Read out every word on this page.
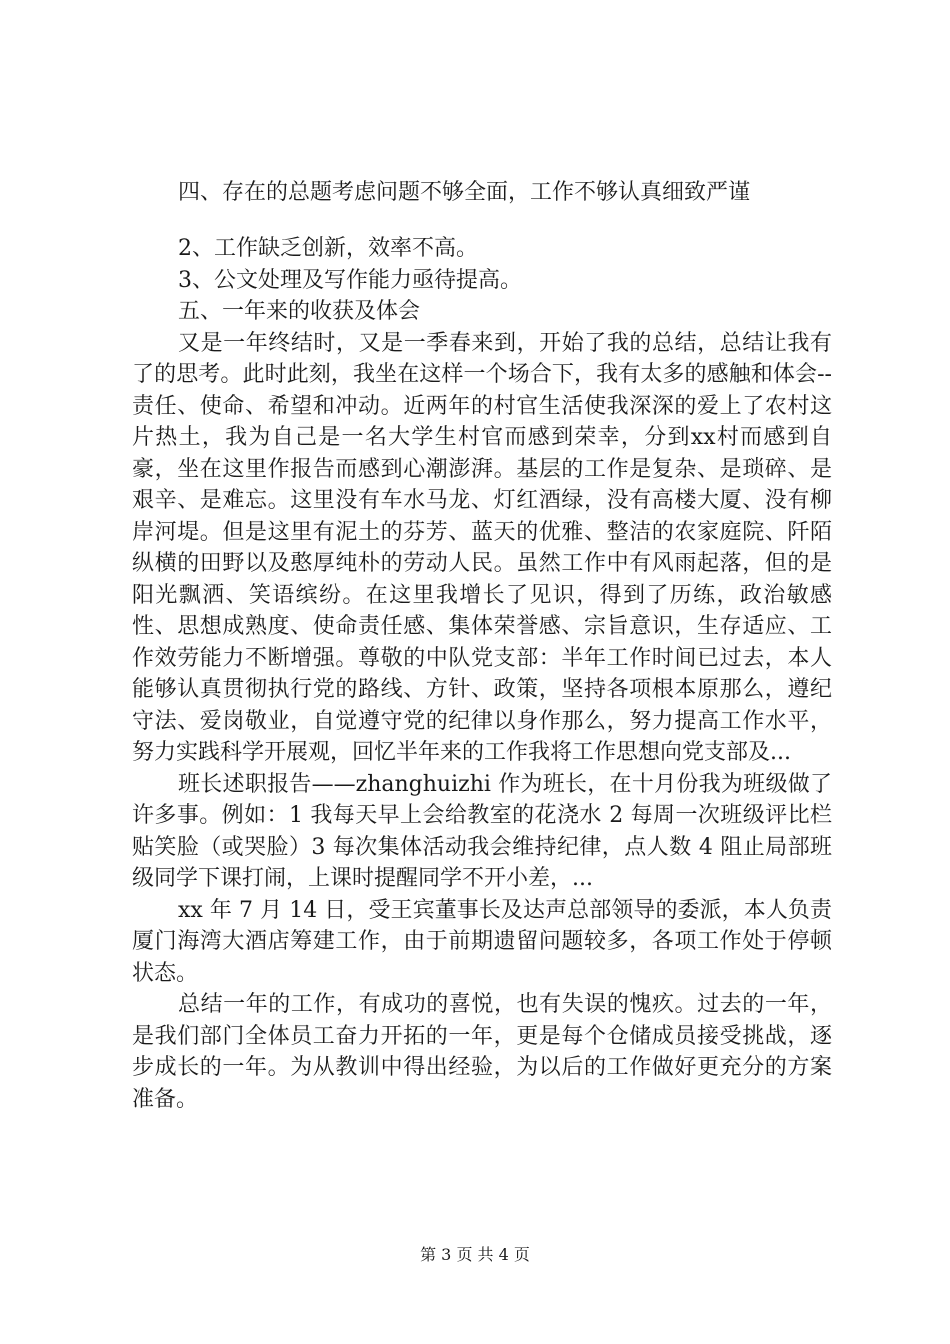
四、存在的总题考虑问题不够全面，工作不够认真细致严谨

2、工作缺乏创新，效率不高。

3、公文处理及写作能力亟待提高。

五、一年来的收获及体会

又是一年终结时，又是一季春来到，开始了我的总结，总结让我有了的思考。此时此刻，我坐在这样一个场合下，我有太多的感触和体会--责任、使命、希望和冲动。近两年的村官生活使我深深的爱上了农村这片热土，我为自己是一名大学生村官而感到荣幸，分到xx村而感到自豪，坐在这里作报告而感到心潮澎湃。基层的工作是复杂、是琐碎、是艰辛、是难忘。这里没有车水马龙、灯红酒绿，没有高楼大厦、没有柳岸河堤。但是这里有泥土的芬芳、蓝天的优雅、整洁的农家庭院、阡陌纵横的田野以及憨厚纯朴的劳动人民。虽然工作中有风雨起落，但的是阳光飘洒、笑语缤纷。在这里我增长了见识，得到了历练，政治敏感性、思想成熟度、使命责任感、集体荣誉感、宗旨意识，生存适应、工作效劳能力不断增强。尊敬的中队党支部：半年工作时间已过去，本人能够认真贯彻执行党的路线、方针、政策，坚持各项根本原那么，遵纪守法、爱岗敬业，自觉遵守党的纪律以身作那么，努力提高工作水平，努力实践科学开展观，回忆半年来的工作我将工作思想向党支部及...

班长述职报告——zhanghuizhi 作为班长，在十月份我为班级做了许多事。例如：1 我每天早上会给教室的花浇水 2 每周一次班级评比栏贴笑脸（或哭脸）3 每次集体活动我会维持纪律，点人数 4 阻止局部班级同学下课打闹，上课时提醒同学不开小差，...

xx 年 7 月 14 日，受王宾董事长及达声总部领导的委派，本人负责厦门海湾大酒店筹建工作，由于前期遗留问题较多，各项工作处于停顿状态。

总结一年的工作，有成功的喜悦，也有失误的愧疚。过去的一年，是我们部门全体员工奋力开拓的一年，更是每个仓储成员接受挑战，逐步成长的一年。为从教训中得出经验，为以后的工作做好更充分的方案准备。

第 3 页 共 4 页
